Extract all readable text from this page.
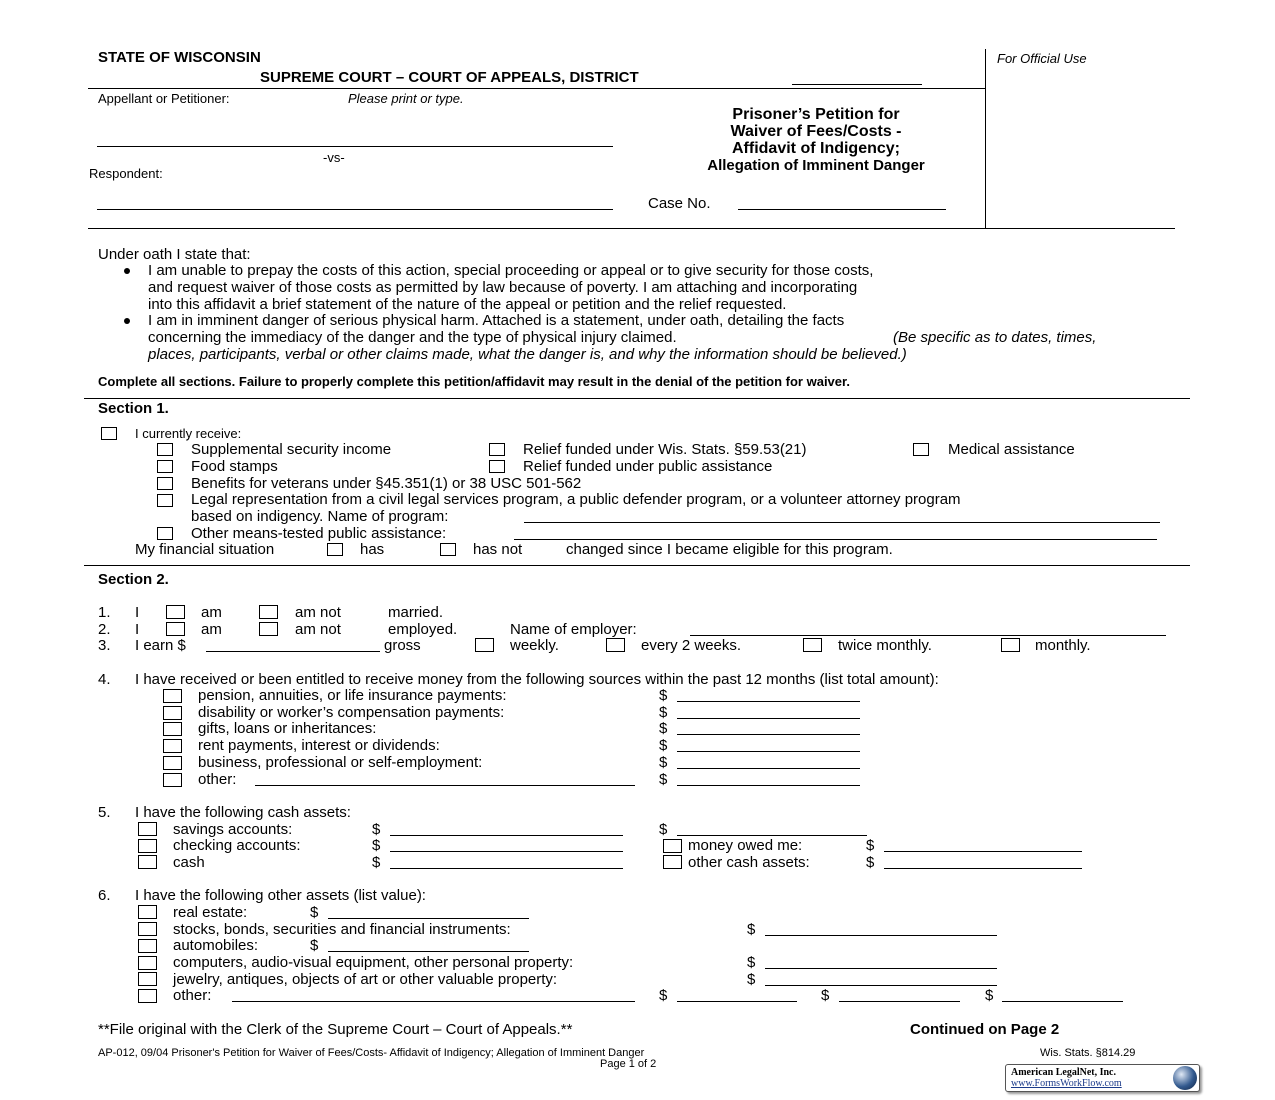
STATE OF WISCONSIN
SUPREME COURT – COURT OF APPEALS, DISTRICT
For Official Use
Appellant or Petitioner:	Please print or type.
-vs-
Respondent:
Prisoner’s Petition for
Waiver of Fees/Costs -
Affidavit of Indigency;
Allegation of Imminent Danger
Case No.
Under oath I state that:
I am unable to prepay the costs of this action, special proceeding or appeal or to give security for those costs,
and request waiver of those costs as permitted by law because of poverty. I am attaching and incorporating
into this affidavit a brief statement of the nature of the appeal or petition and the relief requested.
I am in imminent danger of serious physical harm. Attached is a statement, under oath, detailing the facts
concerning the immediacy of the danger and the type of physical injury claimed.	(Be specific as to dates, times,
places, participants, verbal or other claims made, what the danger is, and why the information should be believed.)
Complete all sections. Failure to properly complete this petition/affidavit may result in the denial of the petition for waiver.
Section 1.
I currently receive:
Supplemental security income	Relief funded under Wis. Stats. §59.53(21)	Medical assistance
Food stamps	Relief funded under public assistance
Benefits for veterans under §45.351(1) or 38 USC 501-562
Legal representation from a civil legal services program, a public defender program, or a volunteer attorney program
based on indigency. Name of program:
Other means-tested public assistance:
My financial situation	has	has not	changed since I became eligible for this program.
Section 2.
1. I	am	am not	married.
2. I	am	am not	employed.	Name of employer:
3. I earn $	gross	weekly.	every 2 weeks.	twice monthly.	monthly.
4. I have received or been entitled to receive money from the following sources within the past 12 months (list total amount):
pension, annuities, or life insurance payments:	$
disability or worker’s compensation payments:	$
gifts, loans or inheritances:	$
rent payments, interest or dividends:	$
business, professional or self-employment:	$
other:	$
5. I have the following cash assets:
savings accounts:	$	$
checking accounts:	$	money owed me:	$
cash	$	other cash assets:	$
6. I have the following other assets (list value):
real estate:	$
stocks, bonds, securities and financial instruments:	$
automobiles:	$
computers, audio-visual equipment, other personal property:	$
jewelry, antiques, objects of art or other valuable property:	$
other:	$	$	$
**File original with the Clerk of the Supreme Court – Court of Appeals.**	Continued on Page 2
AP-012, 09/04 Prisoner's Petition for Waiver of Fees/Costs- Affidavit of Indigency; Allegation of Imminent Danger
Page 1 of 2
Wis. Stats. §814.29
American LegalNet, Inc.
www.FormsWorkFlow.com
